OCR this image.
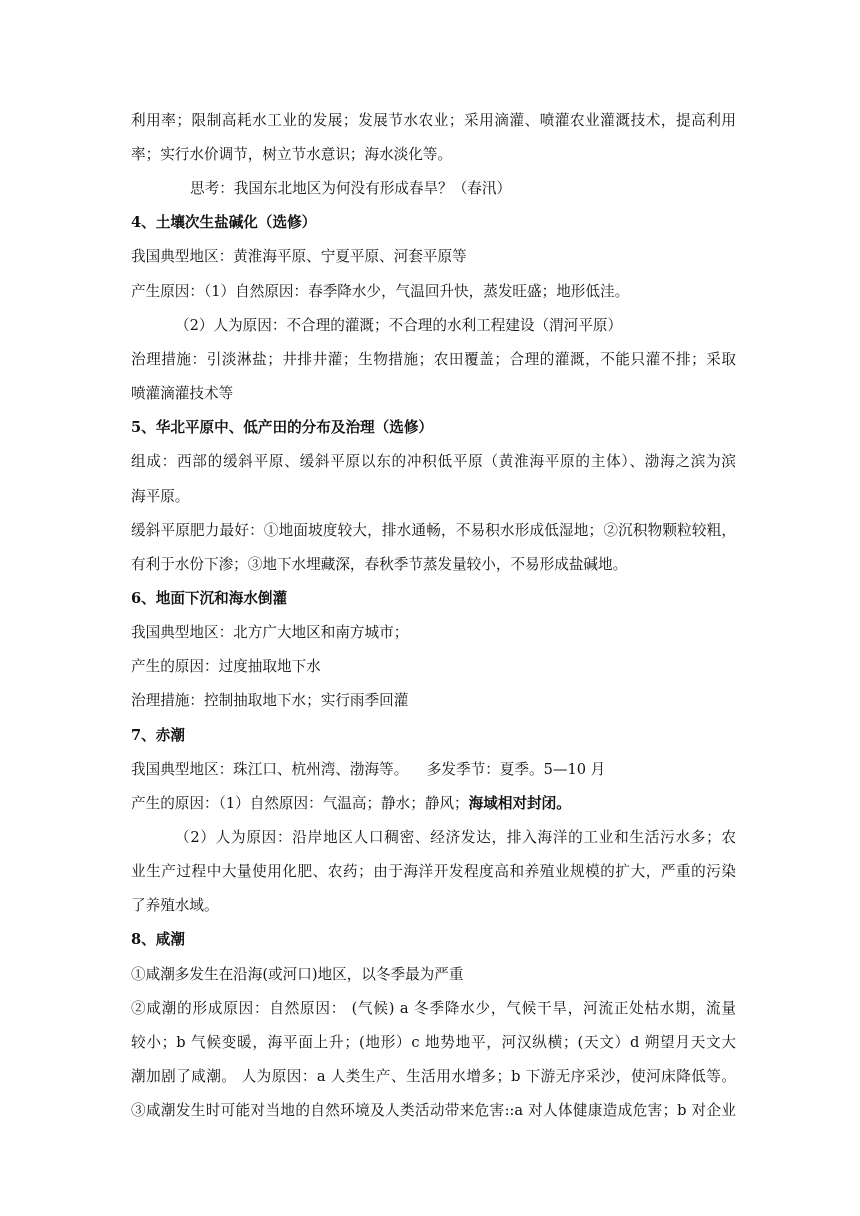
利用率；限制高耗水工业的发展；发展节水农业；采用滴灌、喷灌农业灌溉技术，提高利用
率；实行水价调节，树立节水意识；海水淡化等。
思考：我国东北地区为何没有形成春旱？（春汛）
4、土壤次生盐碱化（选修）
我国典型地区：黄淮海平原、宁夏平原、河套平原等
产生原因：（1）自然原因：春季降水少，气温回升快，蒸发旺盛；地形低洼。
（2）人为原因：不合理的灌溉；不合理的水利工程建设（渭河平原）
治理措施：引淡淋盐；井排井灌；生物措施；农田覆盖；合理的灌溉，不能只灌不排；采取
喷灌滴灌技术等
5、华北平原中、低产田的分布及治理（选修）
组成：西部的缓斜平原、缓斜平原以东的冲积低平原（黄淮海平原的主体）、渤海之滨为滨
海平原。
缓斜平原肥力最好：①地面坡度较大，排水通畅，不易积水形成低湿地；②沉积物颗粒较粗，
有利于水份下渗；③地下水埋藏深，春秋季节蒸发量较小，不易形成盐碱地。
6、地面下沉和海水倒灌
我国典型地区：北方广大地区和南方城市；
产生的原因：过度抽取地下水
治理措施：控制抽取地下水；实行雨季回灌
7、赤潮
我国典型地区：珠江口、杭州湾、渤海等。    多发季节：夏季。5—10 月
产生的原因：（1）自然原因：气温高；静水；静风；海域相对封闭。
（2）人为原因：沿岸地区人口稠密、经济发达，排入海洋的工业和生活污水多；农
业生产过程中大量使用化肥、农药；由于海洋开发程度高和养殖业规模的扩大，严重的污染
了养殖水域。
8、咸潮
①咸潮多发生在沿海(或河口)地区，以冬季最为严重
②咸潮的形成原因：自然原因： (气候) a 冬季降水少，气候干旱，河流正处枯水期，流量
较小；b 气候变暖，海平面上升；(地形）c 地势地平，河汉纵横；(天文）d 朔望月天文大
潮加剧了咸潮。 人为原因：a 人类生产、生活用水增多；b 下游无序采沙，使河床降低等。
③咸潮发生时可能对当地的自然环境及人类活动带来危害::a 对人体健康造成危害；b 对企业
